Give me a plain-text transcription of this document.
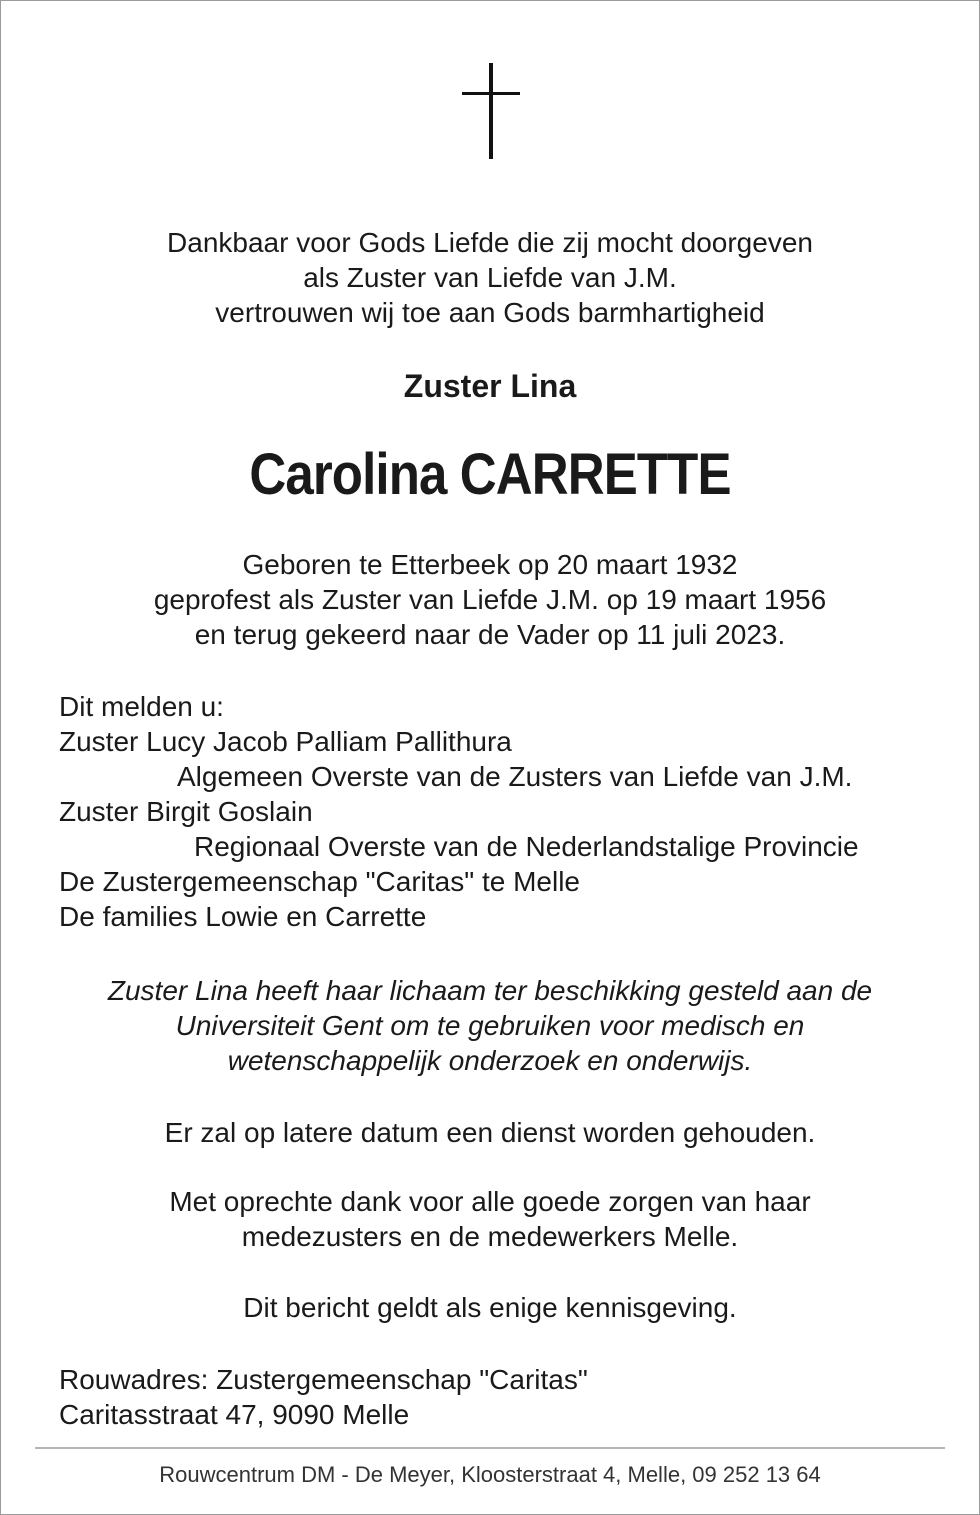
Dankbaar voor Gods Liefde die zij mocht doorgeven
als Zuster van Liefde van J.M.
vertrouwen wij toe aan Gods barmhartigheid
Zuster Lina
Carolina CARRETTE
Geboren te Etterbeek op 20 maart 1932
geprofest als Zuster van Liefde J.M. op 19 maart 1956
en terug gekeerd naar de Vader op 11 juli 2023.
Dit melden u:
Zuster Lucy Jacob Palliam Pallithura
Algemeen Overste van de Zusters van Liefde van J.M.
Zuster Birgit Goslain
Regionaal Overste van de Nederlandstalige Provincie
De Zustergemeenschap "Caritas" te Melle
De families Lowie en Carrette
Zuster Lina heeft haar lichaam ter beschikking gesteld aan de
Universiteit Gent om te gebruiken voor medisch en
wetenschappelijk onderzoek en onderwijs.
Er zal op latere datum een dienst worden gehouden.
Met oprechte dank voor alle goede zorgen van haar
medezusters en de medewerkers Melle.
Dit bericht geldt als enige kennisgeving.
Rouwadres: Zustergemeenschap "Caritas"
Caritasstraat 47, 9090 Melle
Rouwcentrum DM - De Meyer, Kloosterstraat 4, Melle, 09 252 13 64
